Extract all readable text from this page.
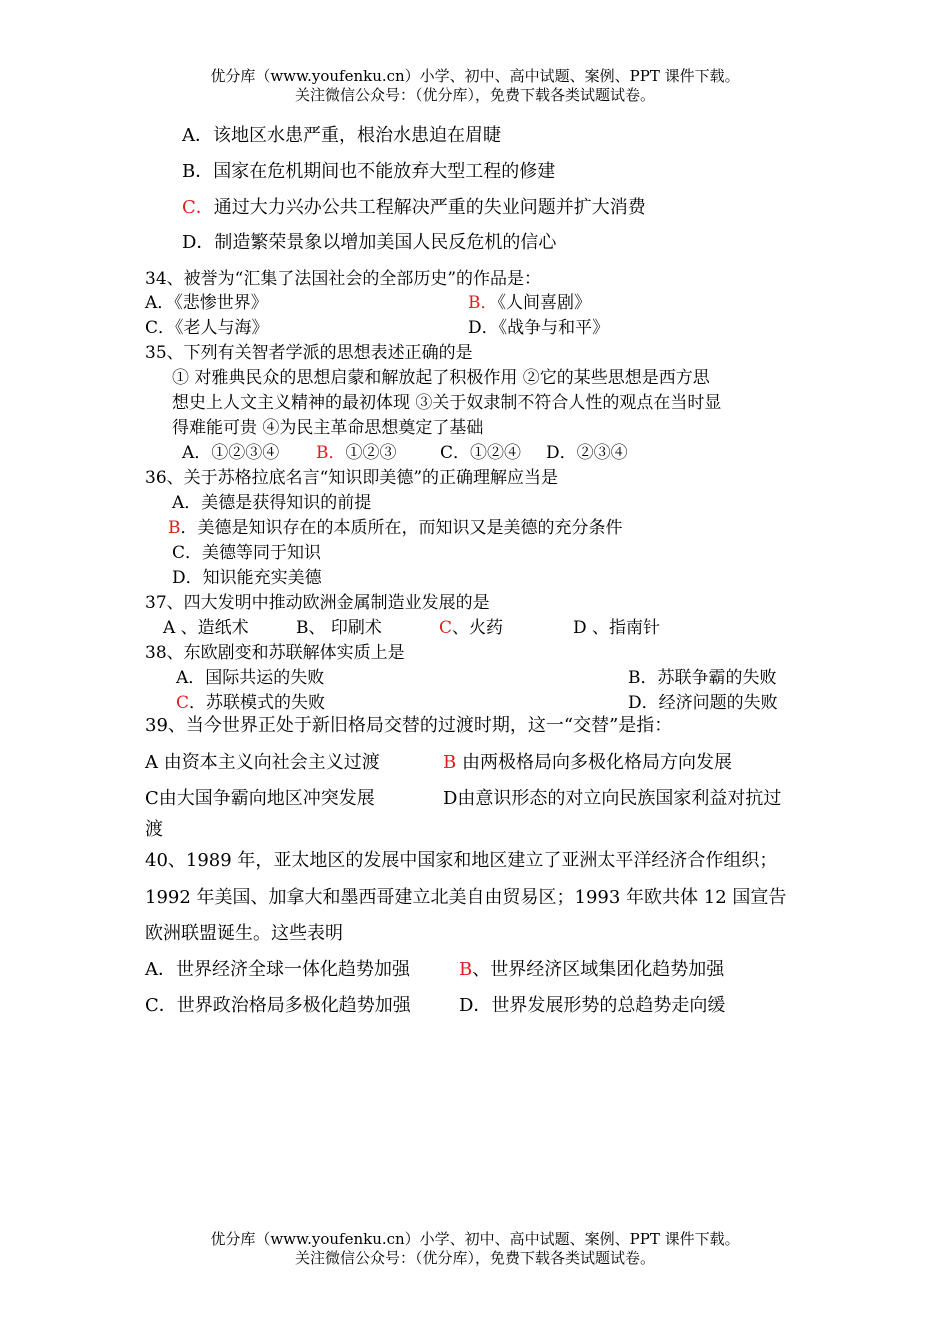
优分库（www.youfenku.cn）小学、初中、高中试题、案例、PPT 课件下载。
关注微信公众号：（优分库），免费下载各类试题试卷。
A．该地区水患严重，根治水患迫在眉睫
B．国家在危机期间也不能放弃大型工程的修建
C．通过大力兴办公共工程解决严重的失业问题并扩大消费
D．制造繁荣景象以增加美国人民反危机的信心
34、被誉为“汇集了法国社会的全部历史”的作品是：
A．《悲惨世界》	B．《人间喜剧》
C．《老人与海》	D．《战争与和平》
35、下列有关智者学派的思想表述正确的是
① 对雅典民众的思想启蒙和解放起了积极作用 ②它的某些思想是西方思
想史上人文主义精神的最初体现 ③关于奴隶制不符合人性的观点在当时显
得难能可贵 ④为民主革命思想奠定了基础
A．①②③④ B．①②③	C．①②④ D．②③④
36、关于苏格拉底名言“知识即美德”的正确理解应当是
A．美德是获得知识的前提
B．美德是知识存在的本质所在，而知识又是美德的充分条件
C．美德等同于知识
D．知识能充实美德
37、四大发明中推动欧洲金属制造业发展的是
A 、造纸术	B、 印刷术	C、火药	D 、指南针
38、东欧剧变和苏联解体实质上是
A．国际共运的失败	B．苏联争霸的失败
C．苏联模式的失败	D．经济问题的失败
39、当今世界正处于新旧格局交替的过渡时期，这一“交替”是指：
A 由资本主义向社会主义过渡	B 由两极格局向多极化格局方向发展
C由大国争霸向地区冲突发展	D由意识形态的对立向民族国家利益对抗过
渡
40、1989 年，亚太地区的发展中国家和地区建立了亚洲太平洋经济合作组织；
1992 年美国、加拿大和墨西哥建立北美自由贸易区；1993 年欧共体 12 国宣告
欧洲联盟诞生。这些表明
A．世界经济全球一体化趋势加强	B、世界经济区域集团化趋势加强
C．世界政治格局多极化趋势加强	D．世界发展形势的总趋势走向缓
优分库（www.youfenku.cn）小学、初中、高中试题、案例、PPT 课件下载。
关注微信公众号：（优分库），免费下载各类试题试卷。
